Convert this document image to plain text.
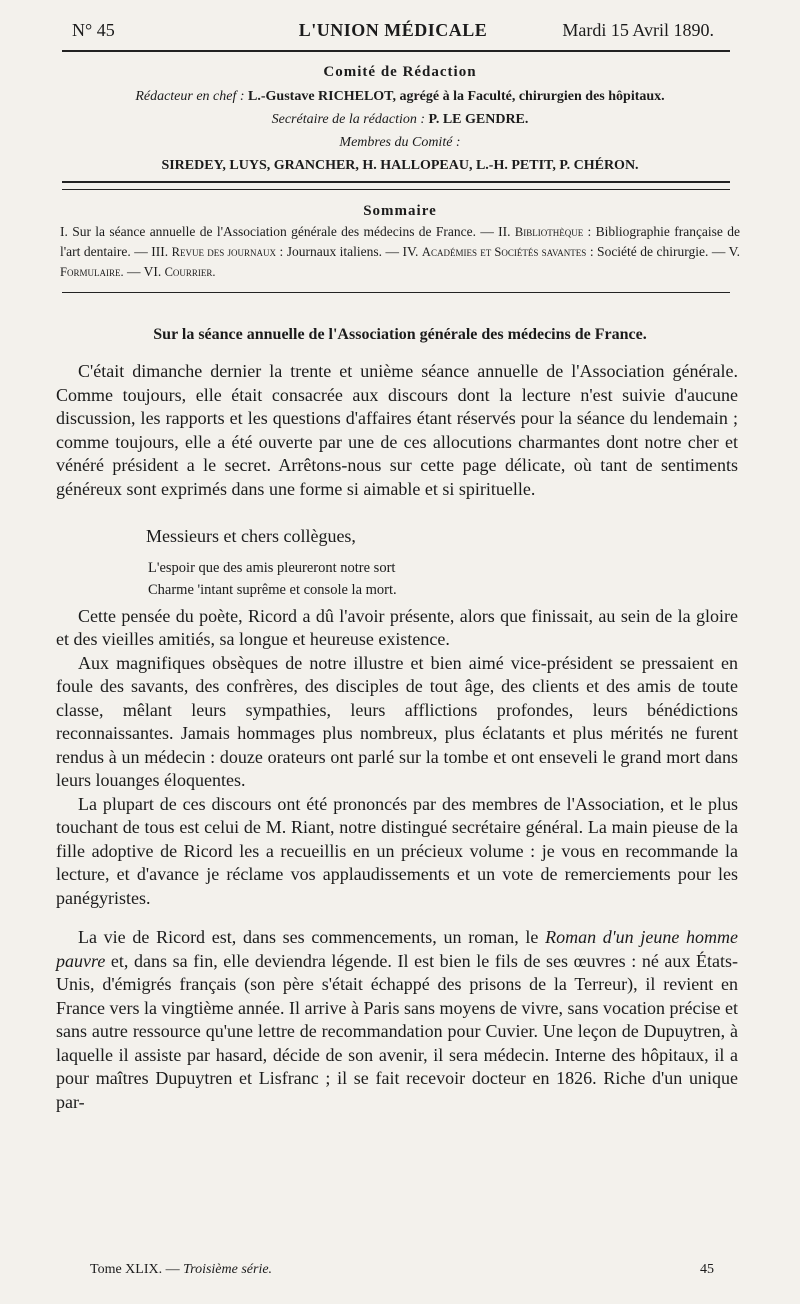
N° 45	L'UNION MÉDICALE	Mardi 15 Avril 1890.
Comité de Rédaction
Rédacteur en chef : L.-Gustave RICHELOT, agrégé à la Faculté, chirurgien des hôpitaux.
Secrétaire de la rédaction : P. LE GENDRE.
Membres du Comité :
SIREDEY, LUYS, GRANCHER, H. HALLOPEAU, L.-H. PETIT, P. CHÉRON.
Sommaire

I. Sur la séance annuelle de l'Association générale des médecins de France. — II. Bibliothèque : Bibliographie française de l'art dentaire. — III. Revue des journaux : Journaux italiens. — IV. Académies et Sociétés savantes : Société de chirurgie. — V. Formulaire. — VI. Courrier.

Sur la séance annuelle de l'Association générale des médecins de France.

C'était dimanche dernier la trente et unième séance annuelle de l'Association générale. Comme toujours, elle était consacrée aux discours dont la lecture n'est suivie d'aucune discussion, les rapports et les questions d'affaires étant réservés pour la séance du lendemain ; comme toujours, elle a été ouverte par une de ces allocutions charmantes dont notre cher et vénéré président a le secret. Arrêtons-nous sur cette page délicate, où tant de sentiments généreux sont exprimés dans une forme si aimable et si spirituelle.

Messieurs et chers collègues,

L'espoir que des amis pleureront notre sort
Charme 'intant suprême et console la mort.

Cette pensée du poète, Ricord a dû l'avoir présente, alors que finissait, au sein de la gloire et des vieilles amitiés, sa longue et heureuse existence.

Aux magnifiques obsèques de notre illustre et bien aimé vice-président se pressaient en foule des savants, des confrères, des disciples de tout âge, des clients et des amis de toute classe, mêlant leurs sympathies, leurs afflictions profondes, leurs bénédictions reconnaissantes. Jamais hommages plus nombreux, plus éclatants et plus mérités ne furent rendus à un médecin : douze orateurs ont parlé sur la tombe et ont enseveli le grand mort dans leurs louanges éloquentes.

La plupart de ces discours ont été prononcés par des membres de l'Association, et le plus touchant de tous est celui de M. Riant, notre distingué secrétaire général. La main pieuse de la fille adoptive de Ricord les a recueillis en un précieux volume : je vous en recommande la lecture, et d'avance je réclame vos applaudissements et un vote de remerciements pour les panégyristes.

La vie de Ricord est, dans ses commencements, un roman, le Roman d'un jeune homme pauvre et, dans sa fin, elle deviendra légende. Il est bien le fils de ses œuvres : né aux États-Unis, d'émigrés français (son père s'était échappé des prisons de la Terreur), il revient en France vers la vingtième année. Il arrive à Paris sans moyens de vivre, sans vocation précise et sans autre ressource qu'une lettre de recommandation pour Cuvier. Une leçon de Dupuytren, à laquelle il assiste par hasard, décide de son avenir, il sera médecin. Interne des hôpitaux, il a pour maîtres Dupuytren et Lisfranc ; il se fait recevoir docteur en 1826. Riche d'un unique par-

Tome XLIX. — Troisième série.	45
